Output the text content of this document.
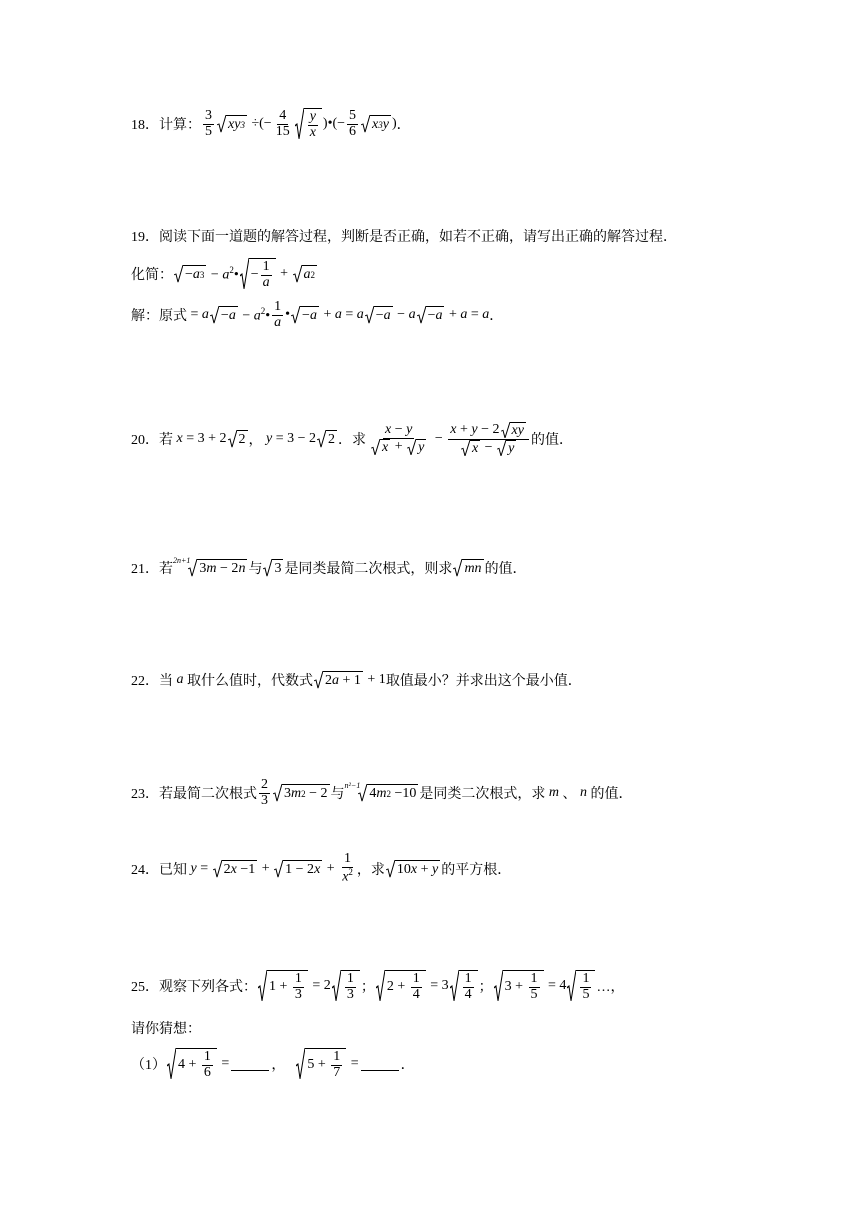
18． 计算： $\frac{3}{5}$ xy 3 ÷(− $\frac{4}{15} \frac{y}{x}$ )•(− $\frac{5}{6}$ x 3 y ) ．
19． 阅读下面一道题的解答过程，判断是否正确，如若不正确，请写出正确的解答过程．
化简： − a $3 - a^2• - \frac{1}{a} + a$ 2
解：原式 = $a - a - a^2• \frac{1}{a}$ • − a + a = a − a − a − a + a = a ．
20． 若 x = 3 + 2 2 ， y = 3 − 2 2 ．求 $\frac{x - y}{x + y} - \frac{x + y - 2 xy}{x - y}$ 的值．
21． 若
2n+1
3 m − 2 n 与 3 是同类最简二次根式，则求 mn 的值．
22． 当 a 取什么值时，代数式 2 a + 1 + 1 取值最小？并求出这个最小值．
23． 若最简二次根式 $\frac{2}{3} 3$ m 2 − 2 与
n²−1
4 m 2 −10 是同类二次根式，求 m 、 n 的值．
24． 已知 y = 2 x −1 + 1 − 2 $x + \frac{1}{x^2}$ ，求 10 x + y 的平方根．
25． 观察下列各式： $1 + \frac{1}{3} = 2 \frac{1}{3}$ ； $2 + \frac{1}{4} = 3 \frac{1}{4}$ ； $3 + \frac{1}{5} = 4 \frac{1}{5}$ …，
请你猜想：
（1） $4 + \frac{1}{6}$ =	， $5 + \frac{1}{7}$ =	．
